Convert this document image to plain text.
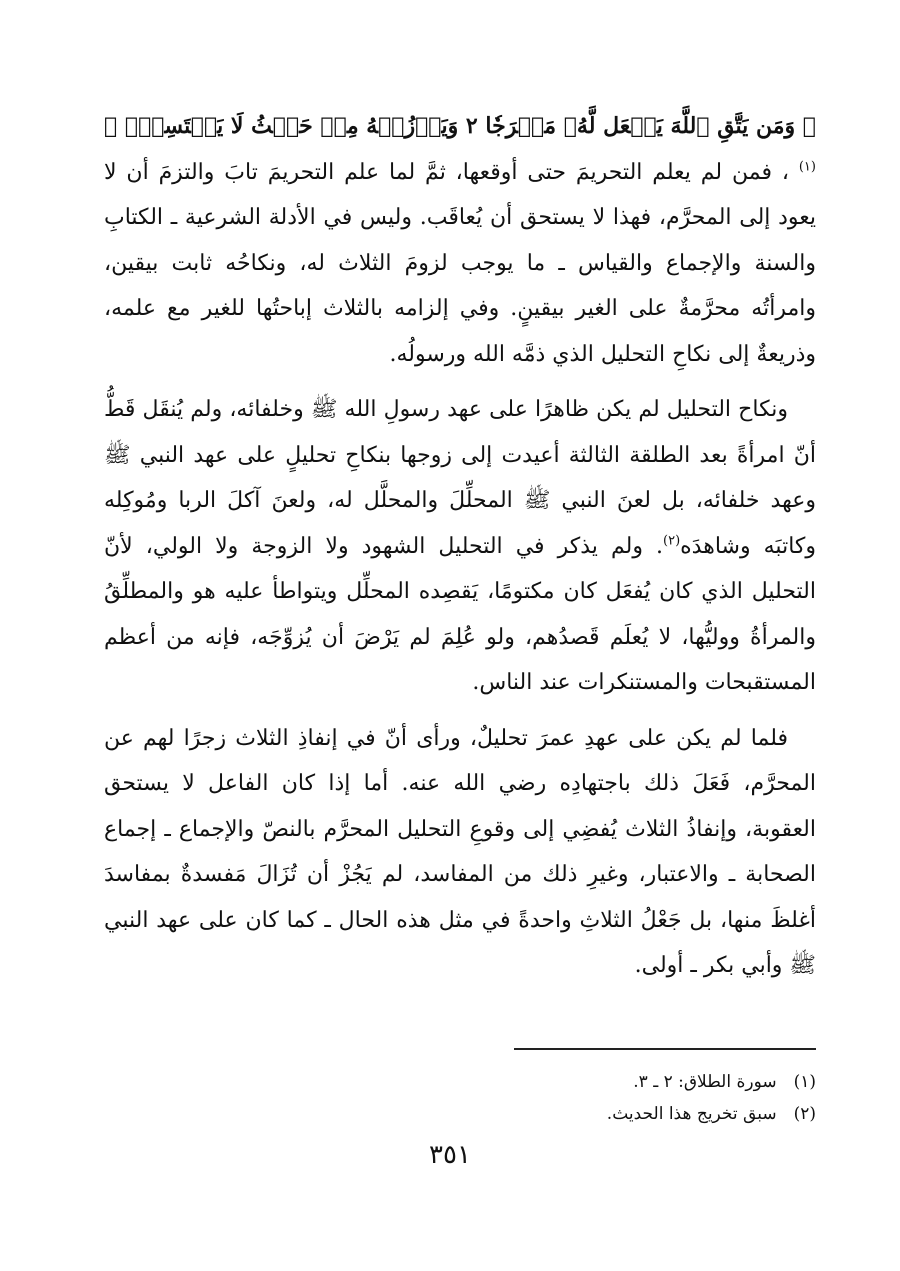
﴿ وَمَن يَتَّقِ ٱللَّهَ يَجۡعَل لَّهُۥ مَخۡرَجٗا ٢ وَيَرۡزُقۡهُ مِنۡ حَيۡثُ لَا يَحۡتَسِبُۚ ﴾$^{(١)}$ ، فمن لم يعلم التحريمَ حتى أوقعها، ثمَّ لما علم التحريمَ تابَ والتزمَ أن لا يعود إلى المحرَّم، فهذا لا يستحق أن يُعاقَب. وليس في الأدلة الشرعية ـ الكتابِ والسنة والإجماع والقياس ـ ما يوجب لزومَ الثلاث له، ونكاحُه ثابت بيقين، وامرأتُه محرَّمةٌ على الغير بيقينٍ. وفي إلزامه بالثلاث إباحتُها للغير مع علمه، وذريعةٌ إلى نكاحِ التحليل الذي ذمَّه الله ورسولُه.

ونكاح التحليل لم يكن ظاهرًا على عهد رسولِ الله ﷺ وخلفائه، ولم يُنقَل قَطُّ أنّ امرأةً بعد الطلقة الثالثة أعيدت إلى زوجها بنكاحِ تحليلٍ على عهد النبي ﷺ وعهد خلفائه، بل لعنَ النبي ﷺ المحلِّلَ والمحلَّل له، ولعنَ آكلَ الربا ومُوكِله وكاتبَه وشاهدَه$^{(٢)}$. ولم يذكر في التحليل الشهود ولا الزوجة ولا الولي، لأنّ التحليل الذي كان يُفعَل كان مكتومًا، يَقصِده المحلِّل ويتواطأ عليه هو والمطلِّقُ والمرأةُ ووليُّها، لا يُعلَم قَصدُهم، ولو عُلِمَ لم يَرْضَ أن يُزوِّجَه، فإنه من أعظم المستقبحات والمستنكرات عند الناس.

فلما لم يكن على عهدِ عمرَ تحليلٌ، ورأى أنّ في إنفاذِ الثلاث زجرًا لهم عن المحرَّم، فَعَلَ ذلك باجتهادِه رضي الله عنه. أما إذا كان الفاعل لا يستحق العقوبة، وإنفاذُ الثلاث يُفضِي إلى وقوعِ التحليل المحرَّم بالنصّ والإجماع ـ إجماع الصحابة ـ والاعتبار، وغيرِ ذلك من المفاسد، لم يَجُزْ أن تُزَالَ مَفسدةٌ بمفاسدَ أغلظَ منها، بل جَعْلُ الثلاثِ واحدةً في مثل هذه الحال ـ كما كان على عهد النبي ﷺ وأبي بكر ـ أولى.

(١) سورة الطلاق: ٢ ـ ٣.

(٢) سبق تخريج هذا الحديث.

٣٥١
